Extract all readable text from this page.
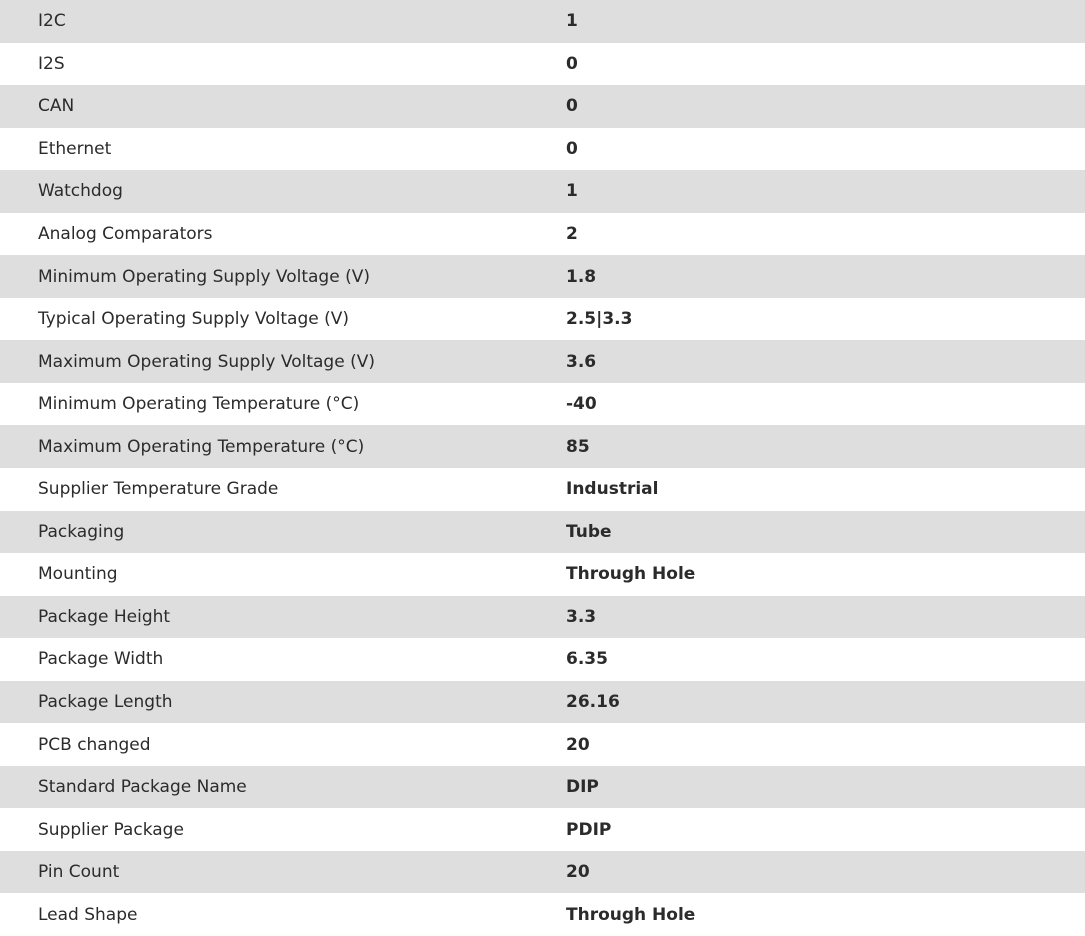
I2C	1
I2S	0
CAN	0
Ethernet	0
Watchdog	1
Analog Comparators	2
Minimum Operating Supply Voltage (V)	1.8
Typical Operating Supply Voltage (V)	2.5|3.3
Maximum Operating Supply Voltage (V)	3.6
Minimum Operating Temperature (°C)	-40
Maximum Operating Temperature (°C)	85
Supplier Temperature Grade	Industrial
Packaging	Tube
Mounting	Through Hole
Package Height	3.3
Package Width	6.35
Package Length	26.16
PCB changed	20
Standard Package Name	DIP
Supplier Package	PDIP
Pin Count	20
Lead Shape	Through Hole
